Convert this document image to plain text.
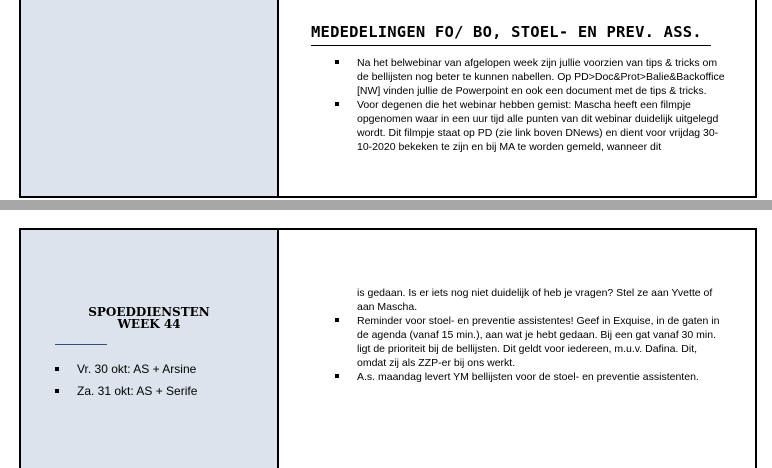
MEDEDELINGEN FO/ BO, STOEL- EN PREV. ASS.
Na het belwebinar van afgelopen week zijn jullie voorzien van tips & tricks om de bellijsten nog beter te kunnen nabellen. Op PD>Doc&Prot>Balie&Backoffice [NW] vinden jullie de Powerpoint en ook een document met de tips & tricks.
Voor degenen die het webinar hebben gemist: Mascha heeft een filmpje opgenomen waar in een uur tijd alle punten van dit webinar duidelijk uitgelegd wordt. Dit filmpje staat op PD (zie link boven DNews) en dient voor vrijdag 30-10-2020 bekeken te zijn en bij MA te worden gemeld, wanneer dit
SPOEDDIENSTEN
WEEK 44
Vr. 30 okt: AS + Arsine
Za. 31 okt: AS + Serife
is gedaan. Is er iets nog niet duidelijk of heb je vragen? Stel ze aan Yvette of aan Mascha.
Reminder voor stoel- en preventie assistentes! Geef in Exquise, in de gaten in de agenda (vanaf 15 min.), aan wat je hebt gedaan. Bij een gat vanaf 30 min. ligt de prioriteit bij de bellijsten. Dit geldt voor iedereen, m.u.v. Dafina. Dit, omdat zij als ZZP-er bij ons werkt.
A.s. maandag levert YM bellijsten voor de stoel- en preventie assistenten.
